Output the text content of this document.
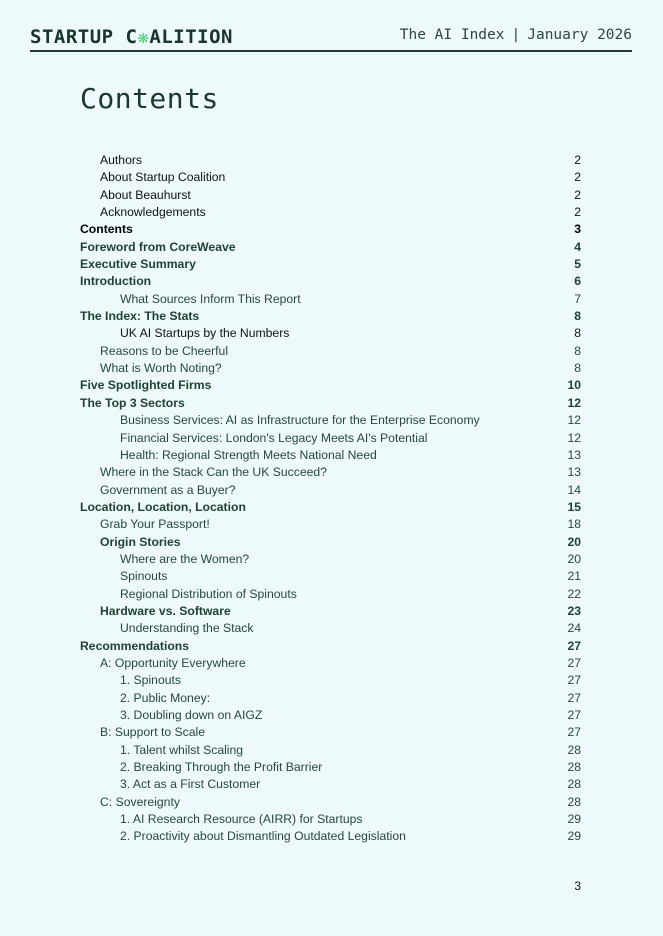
STARTUP C❋ALITION	The AI Index | January 2026
Contents
Authors	2
About Startup Coalition	2
About Beauhurst	2
Acknowledgements	2
Contents	3
Foreword from CoreWeave	4
Executive Summary	5
Introduction	6
What Sources Inform This Report	7
The Index: The Stats	8
UK AI Startups by the Numbers	8
Reasons to be Cheerful	8
What is Worth Noting?	8
Five Spotlighted Firms	10
The Top 3 Sectors	12
Business Services: AI as Infrastructure for the Enterprise Economy	12
Financial Services: London's Legacy Meets AI's Potential	12
Health: Regional Strength Meets National Need	13
Where in the Stack Can the UK Succeed?	13
Government as a Buyer?	14
Location, Location, Location	15
Grab Your Passport!	18
Origin Stories	20
Where are the Women?	20
Spinouts	21
Regional Distribution of Spinouts	22
Hardware vs. Software	23
Understanding the Stack	24
Recommendations	27
A: Opportunity Everywhere	27
1. Spinouts	27
2. Public Money:	27
3. Doubling down on AIGZ	27
B: Support to Scale	27
1. Talent whilst Scaling	28
2. Breaking Through the Profit Barrier	28
3. Act as a First Customer	28
C: Sovereignty	28
1. AI Research Resource (AIRR) for Startups	29
2. Proactivity about Dismantling Outdated Legislation	29
3
